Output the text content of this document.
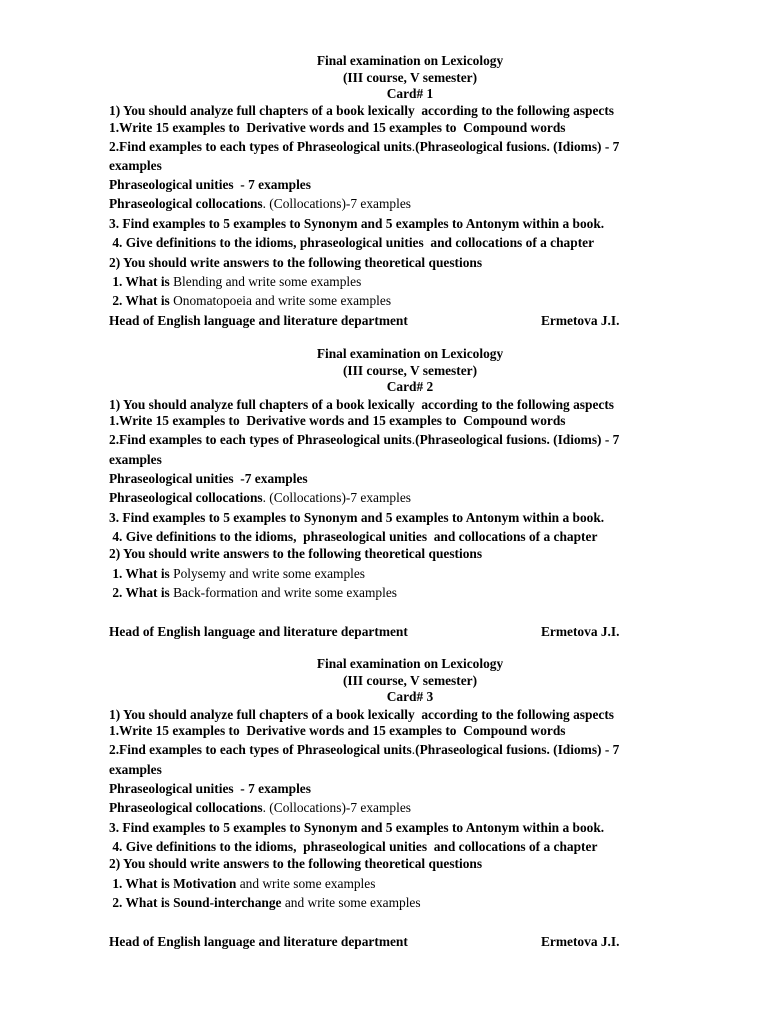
Final examination on Lexicology
(III course, V semester)
Card# 1
1) You should analyze full chapters of a book lexically  according to the following aspects
1.Write 15 examples to  Derivative words and 15 examples to  Compound words
2.Find examples to each types of Phraseological units.(Phraseological fusions. (Idioms) - 7
examples
Phraseological unities  - 7 examples
Phraseological collocations. (Collocations)-7 examples
3. Find examples to 5 examples to Synonym and 5 examples to Antonym within a book.
4. Give definitions to the idioms, phraseological unities  and collocations of a chapter
2) You should write answers to the following theoretical questions
1. What is Blending and write some examples
2. What is Onomatopoeia and write some examples
Head of English language and literature department	Ermetova J.I.
Final examination on Lexicology
(III course, V semester)
Card# 2
1) You should analyze full chapters of a book lexically  according to the following aspects
1.Write 15 examples to  Derivative words and 15 examples to  Compound words
2.Find examples to each types of Phraseological units.(Phraseological fusions. (Idioms) - 7
examples
Phraseological unities  -7 examples
Phraseological collocations. (Collocations)-7 examples
3. Find examples to 5 examples to Synonym and 5 examples to Antonym within a book.
4. Give definitions to the idioms,  phraseological unities  and collocations of a chapter
2) You should write answers to the following theoretical questions
1. What is Polysemy and write some examples
2. What is Back-formation and write some examples
Head of English language and literature department	Ermetova J.I.
Final examination on Lexicology
(III course, V semester)
Card# 3
1) You should analyze full chapters of a book lexically  according to the following aspects
1.Write 15 examples to  Derivative words and 15 examples to  Compound words
2.Find examples to each types of Phraseological units.(Phraseological fusions. (Idioms) - 7
examples
Phraseological unities  - 7 examples
Phraseological collocations. (Collocations)-7 examples
3. Find examples to 5 examples to Synonym and 5 examples to Antonym within a book.
4. Give definitions to the idioms,  phraseological unities  and collocations of a chapter
2) You should write answers to the following theoretical questions
1. What is Motivation and write some examples
2. What is Sound-interchange and write some examples
Head of English language and literature department	Ermetova J.I.
